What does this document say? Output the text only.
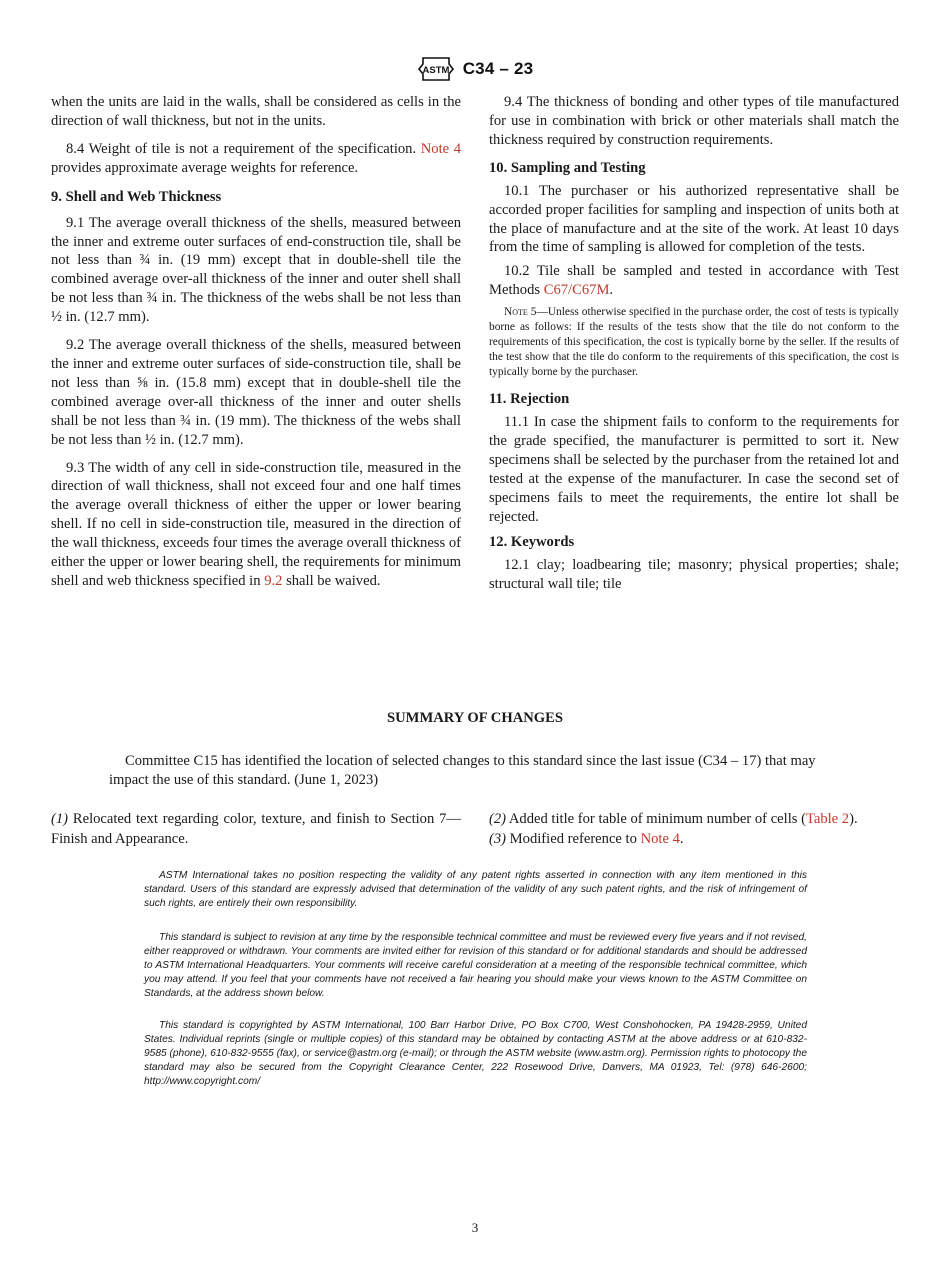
ASTM C34 – 23

when the units are laid in the walls, shall be considered as cells in the direction of wall thickness, but not in the units.

8.4 Weight of tile is not a requirement of the specification. Note 4 provides approximate average weights for reference.

9. Shell and Web Thickness

9.1 The average overall thickness of the shells, measured between the inner and extreme outer surfaces of end-construction tile, shall be not less than ¾ in. (19 mm) except that in double-shell tile the combined average over-all thickness of the inner and outer shell shall be not less than ¾ in. The thickness of the webs shall be not less than ½ in. (12.7 mm).

9.2 The average overall thickness of the shells, measured between the inner and extreme outer surfaces of side-construction tile, shall be not less than ⅝ in. (15.8 mm) except that in double-shell tile the combined average over-all thickness of the inner and outer shells shall be not less than ¾ in. (19 mm). The thickness of the webs shall be not less than ½ in. (12.7 mm).

9.3 The width of any cell in side-construction tile, measured in the direction of wall thickness, shall not exceed four and one half times the average overall thickness of either the upper or lower bearing shell. If no cell in side-construction tile, measured in the direction of the wall thickness, exceeds four times the average overall thickness of either the upper or lower bearing shell, the requirements for minimum shell and web thickness specified in 9.2 shall be waived.

9.4 The thickness of bonding and other types of tile manufactured for use in combination with brick or other materials shall match the thickness required by construction requirements.

10. Sampling and Testing

10.1 The purchaser or his authorized representative shall be accorded proper facilities for sampling and inspection of units both at the place of manufacture and at the site of the work. At least 10 days from the time of sampling is allowed for completion of the tests.

10.2 Tile shall be sampled and tested in accordance with Test Methods C67/C67M.

Note 5—Unless otherwise specified in the purchase order, the cost of tests is typically borne as follows: If the results of the tests show that the tile do not conform to the requirements of this specification, the cost is typically borne by the seller. If the results of the test show that the tile do conform to the requirements of this specification, the cost is typically borne by the purchaser.
11. Rejection

11.1 In case the shipment fails to conform to the requirements for the grade specified, the manufacturer is permitted to sort it. New specimens shall be selected by the purchaser from the retained lot and tested at the expense of the manufacturer. In case the second set of specimens fails to meet the requirements, the entire lot shall be rejected.

12. Keywords

12.1 clay; loadbearing tile; masonry; physical properties; shale; structural wall tile; tile

SUMMARY OF CHANGES
Committee C15 has identified the location of selected changes to this standard since the last issue (C34 – 17) that may impact the use of this standard. (June 1, 2023)
(1) Relocated text regarding color, texture, and finish to Section 7—Finish and Appearance.
(2) Added title for table of minimum number of cells (Table 2).
(3) Modified reference to Note 4.
ASTM International takes no position respecting the validity of any patent rights asserted in connection with any item mentioned in this standard. Users of this standard are expressly advised that determination of the validity of any such patent rights, and the risk of infringement of such rights, are entirely their own responsibility.
This standard is subject to revision at any time by the responsible technical committee and must be reviewed every five years and if not revised, either reapproved or withdrawn. Your comments are invited either for revision of this standard or for additional standards and should be addressed to ASTM International Headquarters. Your comments will receive careful consideration at a meeting of the responsible technical committee, which you may attend. If you feel that your comments have not received a fair hearing you should make your views known to the ASTM Committee on Standards, at the address shown below.
This standard is copyrighted by ASTM International, 100 Barr Harbor Drive, PO Box C700, West Conshohocken, PA 19428-2959, United States. Individual reprints (single or multiple copies) of this standard may be obtained by contacting ASTM at the above address or at 610-832-9585 (phone), 610-832-9555 (fax), or service@astm.org (e-mail); or through the ASTM website (www.astm.org). Permission rights to photocopy the standard may also be secured from the Copyright Clearance Center, 222 Rosewood Drive, Danvers, MA 01923, Tel: (978) 646-2600; http://www.copyright.com/
3
